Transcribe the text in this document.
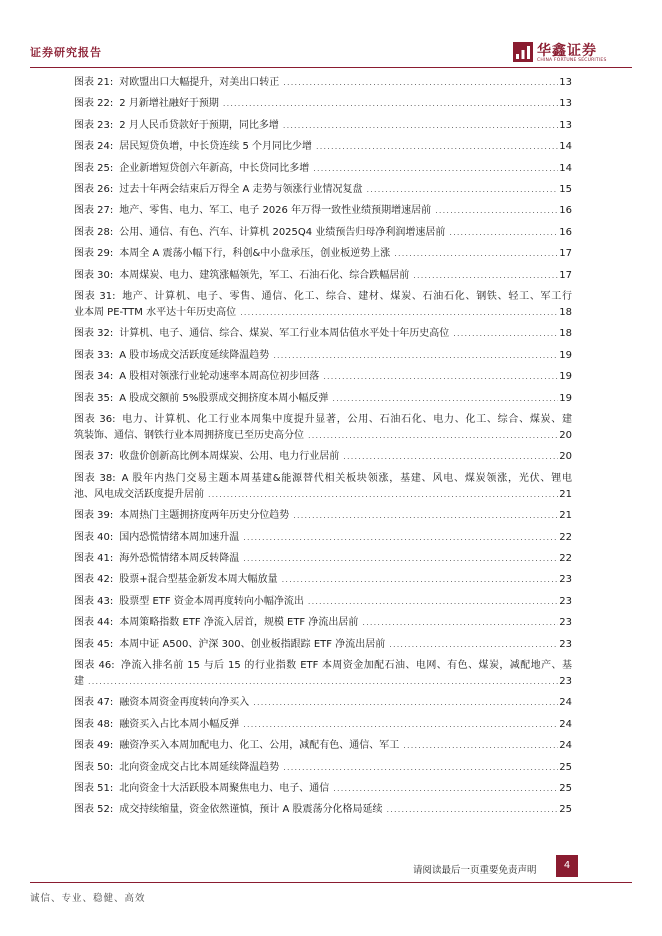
证券研究报告	华鑫证券
CHINA FORTUNE SECURITIES
图表 21: 对欧盟出口大幅提升，对美出口转正 .....	13
图表 22: 2 月新增社融好于预期 .....	13
图表 23: 2 月人民币贷款好于预期，同比多增 .....	13
图表 24: 居民短贷负增，中长贷连续 5 个月同比少增 .....	14
图表 25: 企业新增短贷创六年新高，中长贷同比多增 .....	14
图表 26: 过去十年两会结束后万得全 A 走势与领涨行业情况复盘 .....	15
图表 27: 地产、零售、电力、军工、电子 2026 年万得一致性业绩预期增速居前 .....	16
图表 28: 公用、通信、有色、汽车、计算机 2025Q4 业绩预告归母净利润增速居前 .....	16
图表 29: 本周全 A 震荡小幅下行，科创&中小盘承压，创业板逆势上涨 .....	17
图表 30: 本周煤炭、电力、建筑涨幅领先，军工、石油石化、综合跌幅居前 .....	17
图表 31: 地产、计算机、电子、零售、通信、化工、综合、建材、煤炭、石油石化、钢铁、轻工、军工行
业本周 PE-TTM 水平达十年历史高位 .....	18
图表 32: 计算机、电子、通信、综合、煤炭、军工行业本周估值水平处十年历史高位 .....	18
图表 33: A 股市场成交活跃度延续降温趋势 .....	19
图表 34: A 股相对领涨行业轮动速率本周高位初步回落 .....	19
图表 35: A 股成交额前 5%股票成交拥挤度本周小幅反弹 .....	19
图表 36: 电力、计算机、化工行业本周集中度提升显著，公用、石油石化、电力、化工、综合、煤炭、建
筑装饰、通信、钢铁行业本周拥挤度已至历史高分位 .....	20
图表 37: 收盘价创新高比例本周煤炭、公用、电力行业居前 .....	20
图表 38: A 股年内热门交易主题本周基建&能源替代相关板块领涨，基建、风电、煤炭领涨，光伏、锂电
池、风电成交活跃度提升居前 .....	21
图表 39: 本周热门主题拥挤度两年历史分位趋势 .....	21
图表 40: 国内恐慌情绪本周加速升温 .....	22
图表 41: 海外恐慌情绪本周反转降温 .....	22
图表 42: 股票+混合型基金新发本周大幅放量 .....	23
图表 43: 股票型 ETF 资金本周再度转向小幅净流出 .....	23
图表 44: 本周策略指数 ETF 净流入居首，规模 ETF 净流出居前 .....	23
图表 45: 本周中证 A500、沪深 300、创业板指跟踪 ETF 净流出居前 .....	23
图表 46: 净流入排名前 15 与后 15 的行业指数 ETF 本周资金加配石油、电网、有色、煤炭，减配地产、基
建 .....	23
图表 47: 融资本周资金再度转向净买入 .....	24
图表 48: 融资买入占比本周小幅反弹 .....	24
图表 49: 融资净买入本周加配电力、化工、公用，减配有色、通信、军工 .....	24
图表 50: 北向资金成交占比本周延续降温趋势 .....	25
图表 51: 北向资金十大活跃股本周聚焦电力、电子、通信 .....	25
图表 52: 成交持续缩量，资金依然谨慎，预计 A 股震荡分化格局延续 .....	25
请阅读最后一页重要免责声明	4
诚信、专业、稳健、高效
